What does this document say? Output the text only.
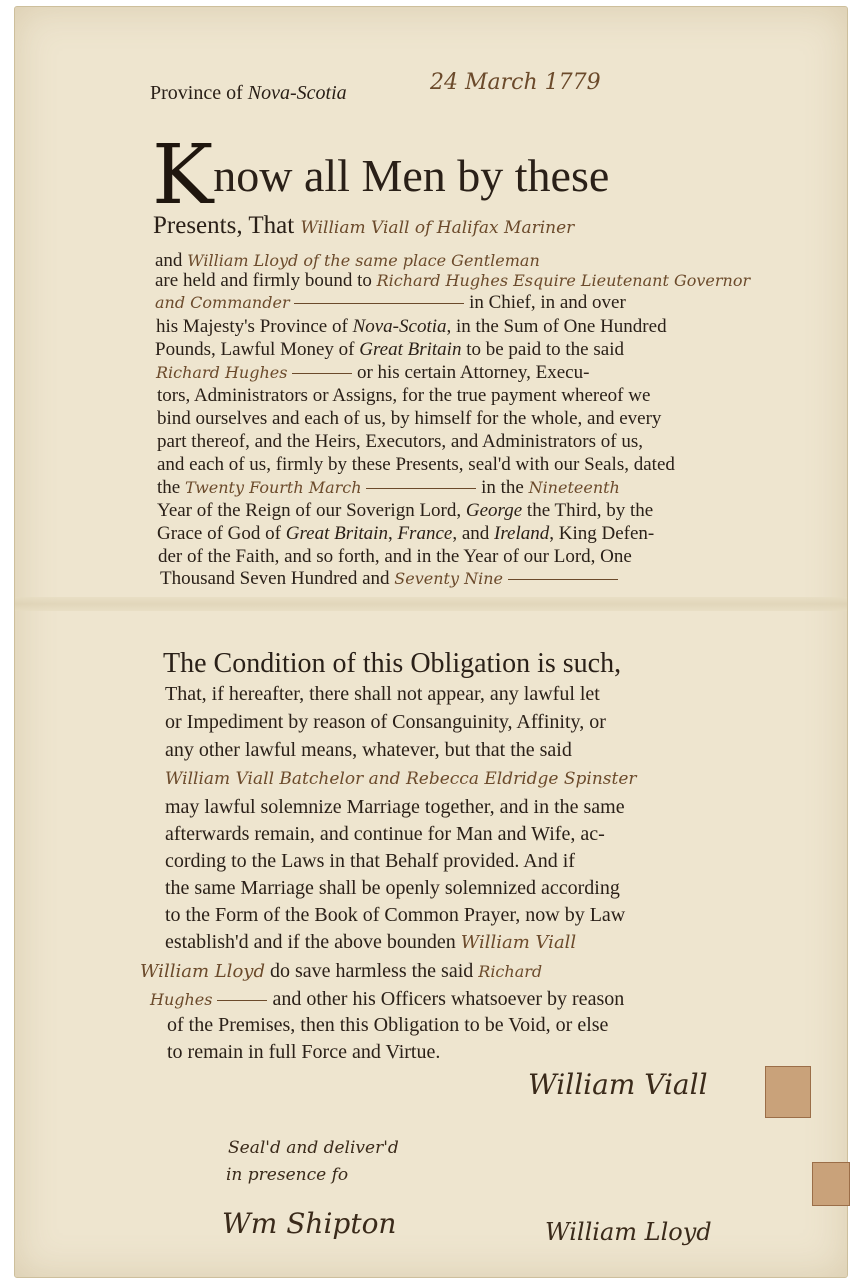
Province of Nova-Scotia	24 March 1779
Know all Men by these
Presents, That William Viall of Halifax Mariner
and William Lloyd of the same place Gentleman
are held and firmly bound to Richard Hughes Esquire Lieutenant Governor
and Commander	in Chief, in and over
his Majesty's Province of Nova-Scotia, in the Sum of One Hundred
Pounds, Lawful Money of Great Britain to be paid to the said
Richard Hughes	or his certain Attorney, Execu-
tors, Administrators or Assigns, for the true payment whereof we
bind ourselves and each of us, by himself for the whole, and every
part thereof, and the Heirs, Executors, and Administrators of us,
and each of us, firmly by these Presents, seal'd with our Seals, dated
the Twenty Fourth March	in the Nineteenth
Year of the Reign of our Soverign Lord, George the Third, by the
Grace of God of Great Britain, France, and Ireland, King Defen-
der of the Faith, and so forth, and in the Year of our Lord, One
Thousand Seven Hundred and Seventy Nine
The Condition of this Obligation is such,
That, if hereafter, there shall not appear, any lawful let
or Impediment by reason of Consanguinity, Affinity, or
any other lawful means, whatever, but that the said
William Viall Batchelor and Rebecca Eldridge Spinster
may lawful solemnize Marriage together, and in the same
afterwards remain, and continue for Man and Wife, ac-
cording to the Laws in that Behalf provided. And if
the same Marriage shall be openly solemnized according
to the Form of the Book of Common Prayer, now by Law
establish'd and if the above bounden William Viall
William Lloyd do save harmless the said Richard
Hughes	and other his Officers whatsoever by reason
of the Premises, then this Obligation to be Void, or else
to remain in full Force and Virtue.
William Viall
Seal'd and deliver'd
in presence fo
Wm Shipton	William Lloyd
